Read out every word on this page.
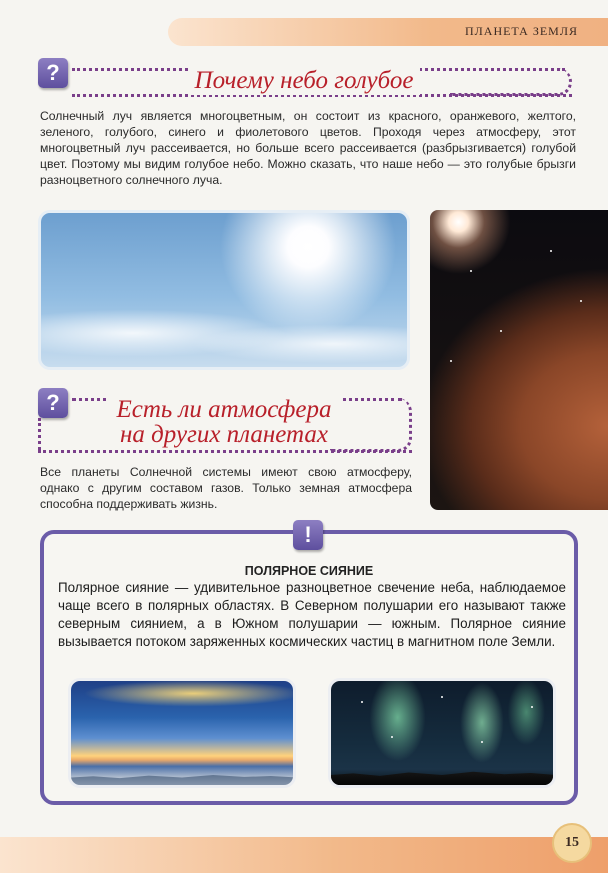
ПЛАНЕТА ЗЕМЛЯ
?	Почему небо голубое

Солнечный луч является многоцветным, он состоит из красного, оранжевого, желтого, зеленого, голубого, синего и фиолетового цветов. Проходя через атмосферу, этот многоцветный луч рассеивается, но больше всего рассеивается (разбрызгивается) голубой цвет. Поэтому мы видим голубое небо. Можно сказать, что наше небо — это голубые брызги разноцветного солнечного луча.

?	Есть ли атмосфера
на других планетах

Все планеты Солнечной системы имеют свою атмосферу, однако с другим составом газов. Только земная атмосфера способна поддерживать жизнь.

ПОЛЯРНОЕ СИЯНИЕ

Полярное сияние — удивительное разноцветное свечение неба, наблюдаемое чаще всего в полярных областях. В Северном полушарии его называют также северным сиянием, а в Южном полушарии — южным. Полярное сияние вызывается потоком заряженных космических частиц в магнитном поле Земли.

!
15
